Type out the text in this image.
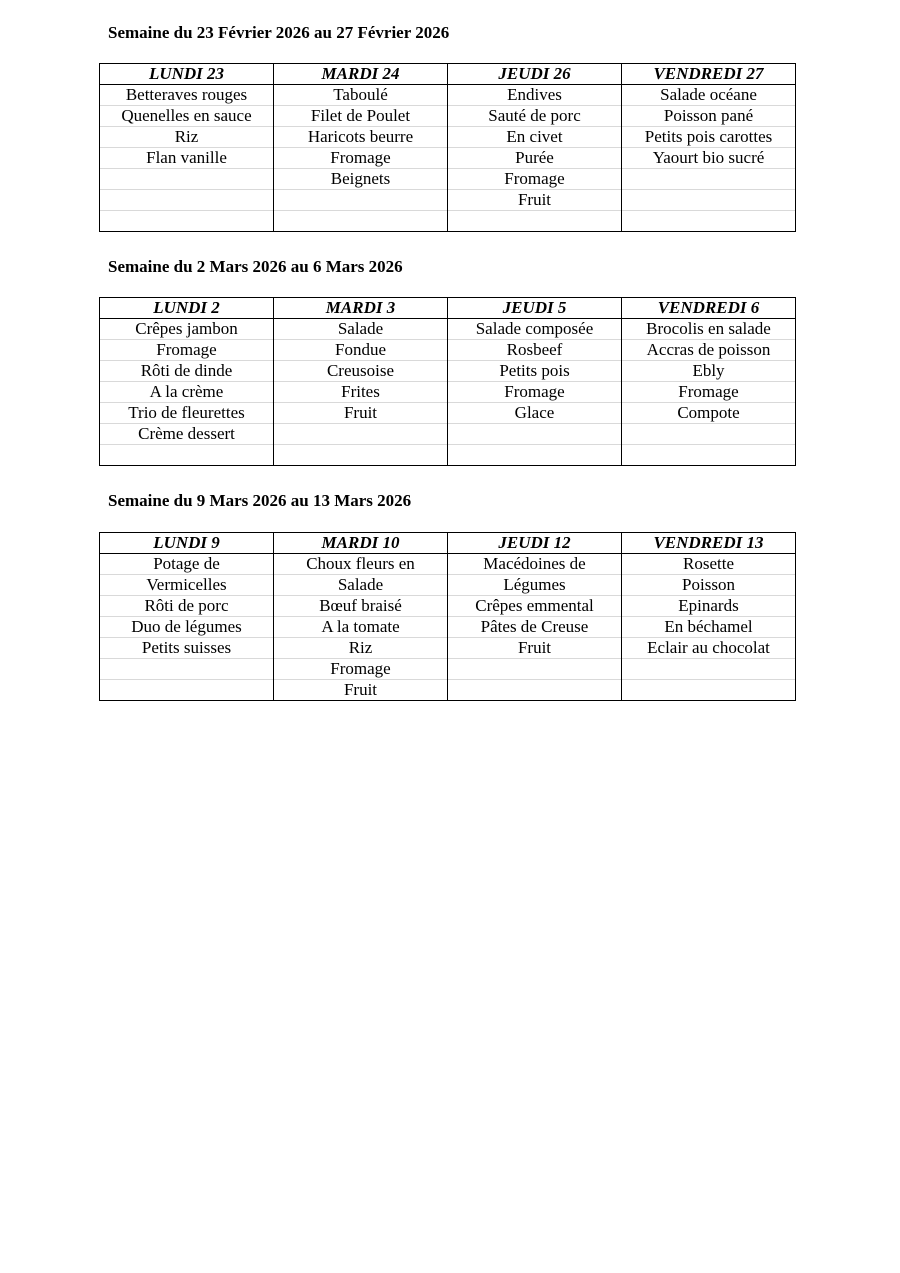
Semaine du 23 Février 2026 au 27 Février 2026
LUNDI 23	MARDI 24	JEUDI 26	VENDREDI 27
Betteraves rouges	Taboulé	Endives	Salade océane
Quenelles en sauce	Filet de Poulet	Sauté de porc	Poisson pané
Riz	Haricots beurre	En civet	Petits pois carottes
Flan vanille	Fromage	Purée	Yaourt bio sucré
	Beignets	Fromage	
		Fruit	

Semaine du 2 Mars 2026 au 6 Mars 2026
LUNDI 2	MARDI 3	JEUDI 5	VENDREDI 6
Crêpes jambon	Salade	Salade composée	Brocolis en salade
Fromage	Fondue	Rosbeef	Accras de poisson
Rôti de dinde	Creusoise	Petits pois	Ebly
A la crème	Frites	Fromage	Fromage
Trio de fleurettes	Fruit	Glace	Compote
Crème dessert			

Semaine du 9 Mars 2026 au 13 Mars 2026
LUNDI 9	MARDI 10	JEUDI 12	VENDREDI 13
Potage de	Choux fleurs en	Macédoines de	Rosette
Vermicelles	Salade	Légumes	Poisson
Rôti de porc	Bœuf braisé	Crêpes emmental	Epinards
Duo de légumes	A la tomate	Pâtes de Creuse	En béchamel
Petits suisses	Riz	Fruit	Eclair au chocolat
	Fromage		
	Fruit		
